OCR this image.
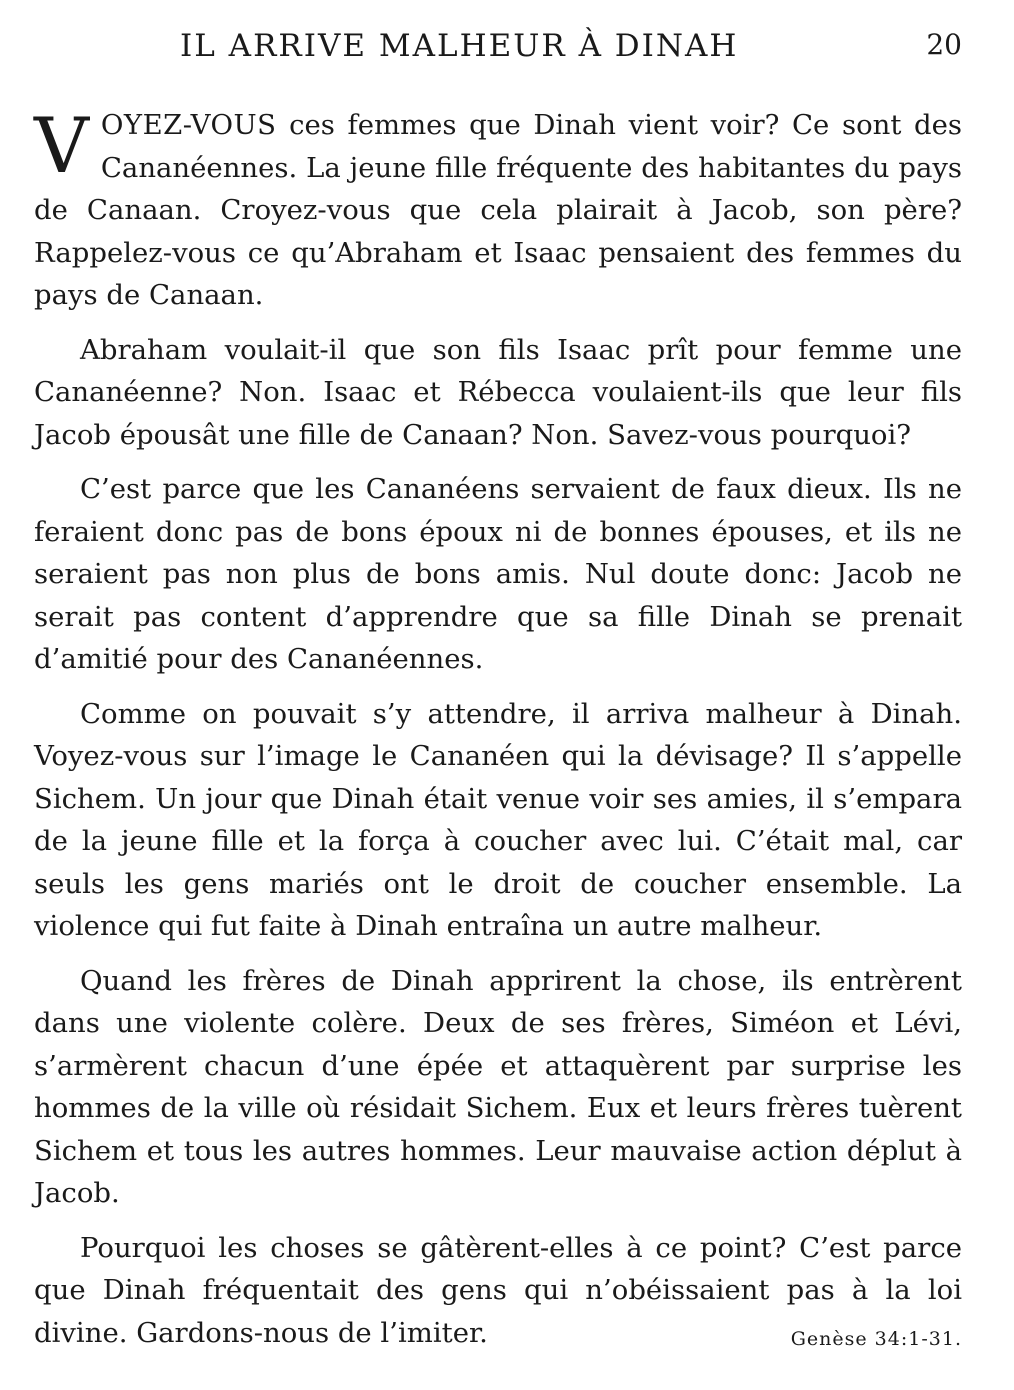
IL ARRIVE MALHEUR À DINAH	20

VOYEZ-VOUS ces femmes que Dinah vient voir? Ce sont des Cananéennes. La jeune fille fréquente des habitantes du pays de Canaan. Croyez-vous que cela plairait à Jacob, son père? Rappelez-vous ce qu’Abraham et Isaac pensaient des femmes du pays de Canaan.

Abraham voulait-il que son fils Isaac prît pour femme une Cananéenne? Non. Isaac et Rébecca voulaient-ils que leur fils Jacob épousât une fille de Canaan? Non. Savez-vous pourquoi?

C’est parce que les Cananéens servaient de faux dieux. Ils ne feraient donc pas de bons époux ni de bonnes épouses, et ils ne seraient pas non plus de bons amis. Nul doute donc: Jacob ne serait pas content d’apprendre que sa fille Dinah se prenait d’amitié pour des Cananéennes.

Comme on pouvait s’y attendre, il arriva malheur à Dinah. Voyez-vous sur l’image le Cananéen qui la dévisage? Il s’appelle Sichem. Un jour que Dinah était venue voir ses amies, il s’empara de la jeune fille et la força à coucher avec lui. C’était mal, car seuls les gens mariés ont le droit de coucher ensemble. La violence qui fut faite à Dinah entraîna un autre malheur.

Quand les frères de Dinah apprirent la chose, ils entrèrent dans une violente colère. Deux de ses frères, Siméon et Lévi, s’armèrent chacun d’une épée et attaquèrent par surprise les hommes de la ville où résidait Sichem. Eux et leurs frères tuèrent Sichem et tous les autres hommes. Leur mauvaise action déplut à Jacob.

Pourquoi les choses se gâtèrent-elles à ce point? C’est parce que Dinah fréquentait des gens qui n’obéissaient pas à la loi divine. Gardons-nous de l’imiter.	Genèse 34:1-31.
